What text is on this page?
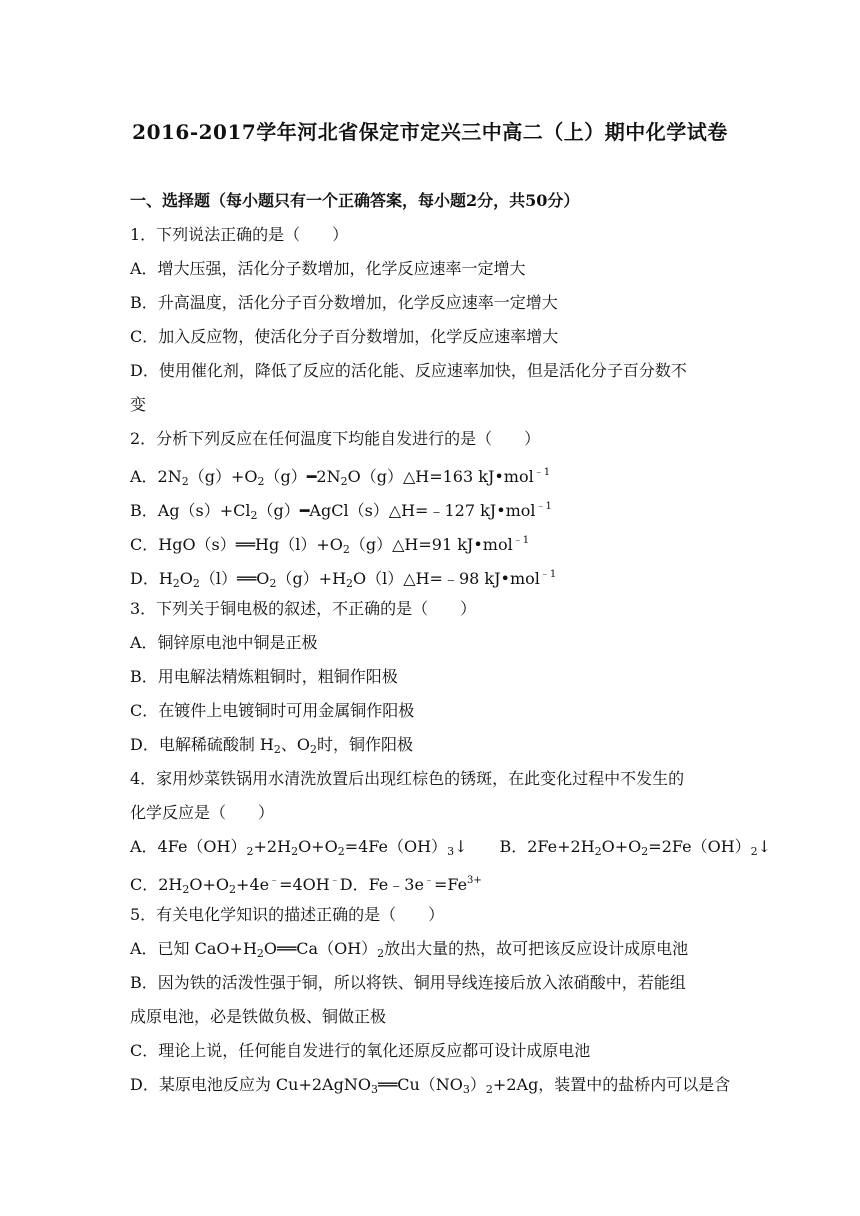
2016-2017学年河北省保定市定兴三中高二（上）期中化学试卷
一、选择题（每小题只有一个正确答案，每小题2分，共50分）
1．下列说法正确的是（　　）
A．增大压强，活化分子数增加，化学反应速率一定增大
B．升高温度，活化分子百分数增加，化学反应速率一定增大
C．加入反应物，使活化分子百分数增加，化学反应速率增大
D．使用催化剂，降低了反应的活化能、反应速率加快，但是活化分子百分数不
变
2．分析下列反应在任何温度下均能自发进行的是（　　）
A．$2N_2(g)+O_2(g)━2N_2O(g)\triangle H=163$ kJ•mol$^{﹣1}$
B．$Ag(s)+Cl_2(g)━AgCl(s)\triangle H=﹣127$ kJ•mol$^{﹣1}$
C．$HgO(s)══Hg(l)+O_2(g)\triangle H=91$ kJ•mol$^{﹣1}$
D．$H_2O_2(l)══O_2(g)+H_2O(l)\triangle H=﹣98$ kJ•mol$^{﹣1}$
3．下列关于铜电极的叙述，不正确的是（　　）
A．铜锌原电池中铜是正极
B．用电解法精炼粗铜时，粗铜作阳极
C．在镀件上电镀铜时可用金属铜作阳极
D．电解稀硫酸制 $H_2$、$O_2$时，铜作阳极
4．家用炒菜铁锅用水清洗放置后出现红棕色的锈斑，在此变化过程中不发生的
化学反应是（　　）
A．$4Fe(OH)_2+2H_2O+O_2=4Fe(OH)_3↓$　　B．$2Fe+2H_2O+O_2=2Fe(OH)_2↓$
C．$2H_2O+O_2+4e^﹣=4OH^﹣D$．$Fe﹣3e^﹣=Fe^{3+}$
5．有关电化学知识的描述正确的是（　　）
A．已知 $CaO+H_2O══Ca(OH)_2$放出大量的热，故可把该反应设计成原电池
B．因为铁的活泼性强于铜，所以将铁、铜用导线连接后放入浓硝酸中，若能组
成原电池，必是铁做负极、铜做正极
C．理论上说，任何能自发进行的氧化还原反应都可设计成原电池
D．某原电池反应为 $Cu+2AgNO_3══Cu(NO_3)_2+2Ag$，装置中的盐桥内可以是含
